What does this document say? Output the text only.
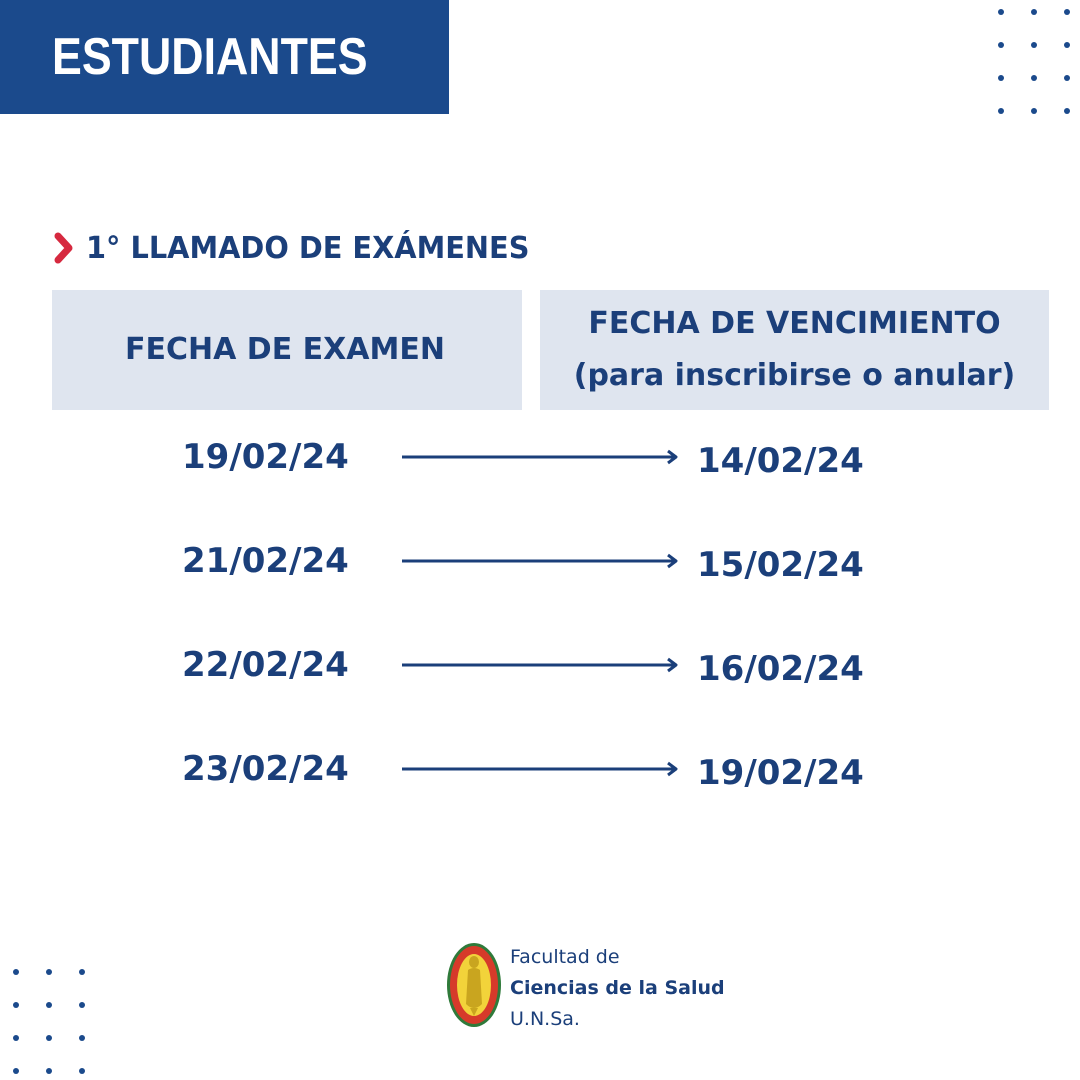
ESTUDIANTES
1° LLAMADO DE EXÁMENES
FECHA DE EXAMEN
FECHA DE VENCIMIENTO
(para inscribirse o anular)
19/02/24	14/02/24
21/02/24	15/02/24
22/02/24	16/02/24
23/02/24	19/02/24
Facultad de
Ciencias de la Salud
U.N.Sa.
